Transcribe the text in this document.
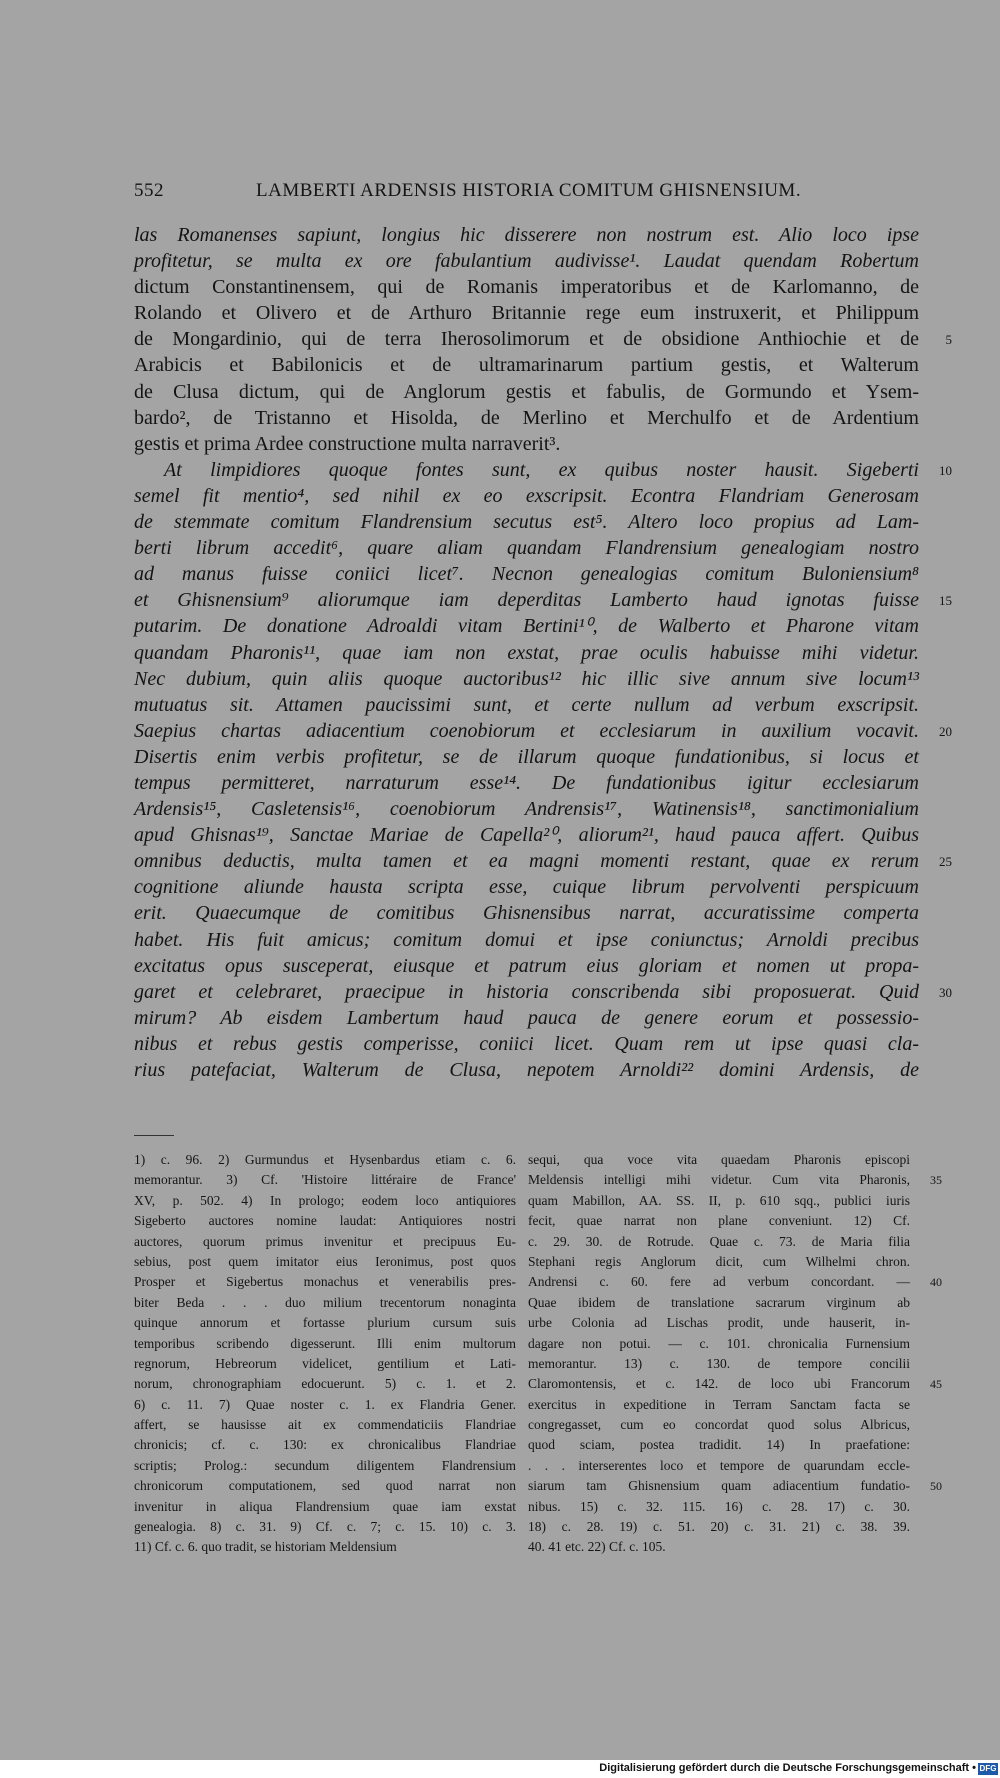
552	LAMBERTI ARDENSIS HISTORIA COMITUM GHISNENSIUM.
las Romanenses sapiunt, longius hic disserere non nostrum est. Alio loco ipse
profitetur, se multa ex ore fabulantium audivisse¹. Laudat quendam Robertum
dictum Constantinensem, qui de Romanis imperatoribus et de Karlomanno, de
Rolando et Olivero et de Arthuro Britannie rege eum instruxerit, et Philippum
de Mongardinio, qui de terra Iherosolimorum et de obsidione Anthiochie et de 5
Arabicis et Babilonicis et de ultramarinarum partium gestis, et Walterum
de Clusa dictum, qui de Anglorum gestis et fabulis, de Gormundo et Ysem-
bardo², de Tristanno et Hisolda, de Merlino et Merchulfo et de Ardentium
gestis et prima Ardee constructione multa narraverit³.
At limpidiores quoque fontes sunt, ex quibus noster hausit. Sigeberti 10
semel fit mentio⁴, sed nihil ex eo exscripsit. Econtra Flandriam Generosam
de stemmate comitum Flandrensium secutus est⁵. Altero loco propius ad Lam-
berti librum accedit⁶, quare aliam quandam Flandrensium genealogiam nostro
ad manus fuisse coniici licet⁷. Necnon genealogias comitum Buloniensium⁸
et Ghisnensium⁹ aliorumque iam deperditas Lamberto haud ignotas fuisse 15
putarim. De donatione Adroaldi vitam Bertini¹⁰, de Walberto et Pharone vitam
quandam Pharonis¹¹, quae iam non exstat, prae oculis habuisse mihi videtur.
Nec dubium, quin aliis quoque auctoribus¹² hic illic sive annum sive locum¹³
mutuatus sit. Attamen paucissimi sunt, et certe nullum ad verbum exscripsit.
Saepius chartas adiacentium coenobiorum et ecclesiarum in auxilium vocavit. 20
Disertis enim verbis profitetur, se de illarum quoque fundationibus, si locus et
tempus permitteret, narraturum esse¹⁴. De fundationibus igitur ecclesiarum
Ardensis¹⁵, Casletensis¹⁶, coenobiorum Andrensis¹⁷, Watinensis¹⁸, sanctimonialium
apud Ghisnas¹⁹, Sanctae Mariae de Capella²⁰, aliorum²¹, haud pauca affert. Quibus
omnibus deductis, multa tamen et ea magni momenti restant, quae ex rerum 25
cognitione aliunde hausta scripta esse, cuique librum pervolventi perspicuum
erit. Quaecumque de comitibus Ghisnensibus narrat, accuratissime comperta
habet. His fuit amicus; comitum domui et ipse coniunctus; Arnoldi precibus
excitatus opus susceperat, eiusque et patrum eius gloriam et nomen ut propa-
garet et celebraret, praecipue in historia conscribenda sibi proposuerat. Quid 30
mirum? Ab eisdem Lambertum haud pauca de genere eorum et possessio-
nibus et rebus gestis comperisse, coniici licet. Quam rem ut ipse quasi cla-
rius patefaciat, Walterum de Clusa, nepotem Arnoldi²² domini Ardensis, de
1) c. 96. 2) Gurmundus et Hysenbardus etiam c. 6.
memorantur. 3) Cf. 'Histoire littéraire de France'
XV, p. 502. 4) In prologo; eodem loco antiquiores
Sigeberto auctores nomine laudat: Antiquiores nostri
auctores, quorum primus invenitur et precipuus Eu-
sebius, post quem imitator eius Ieronimus, post quos
Prosper et Sigebertus monachus et venerabilis pres-
biter Beda . . . duo milium trecentorum nonaginta
quinque annorum et fortasse plurium cursum suis
temporibus scribendo digesserunt. Illi enim multorum
regnorum, Hebreorum videlicet, gentilium et Lati-
norum, chronographiam edocuerunt. 5) c. 1. et 2.
6) c. 11. 7) Quae noster c. 1. ex Flandria Gener.
affert, se hausisse ait ex commendaticiis Flandriae
chronicis; cf. c. 130: ex chronicalibus Flandriae
scriptis; Prolog.: secundum diligentem Flandrensium
chronicorum computationem, sed quod narrat non
invenitur in aliqua Flandrensium quae iam exstat
genealogia. 8) c. 31. 9) Cf. c. 7; c. 15. 10) c. 3.
11) Cf. c. 6. quo tradit, se historiam Meldensium
sequi, qua voce vita quaedam Pharonis episcopi
Meldensis intelligi mihi videtur. Cum vita Pharonis, 35
quam Mabillon, AA. SS. II, p. 610 sqq., publici iuris
fecit, quae narrat non plane conveniunt. 12) Cf.
c. 29. 30. de Rotrude. Quae c. 73. de Maria filia
Stephani regis Anglorum dicit, cum Wilhelmi chron.
Andrensi c. 60. fere ad verbum concordant. — 40
Quae ibidem de translatione sacrarum virginum ab
urbe Colonia ad Lischas prodit, unde hauserit, in-
dagare non potui. — c. 101. chronicalia Furnensium
memorantur. 13) c. 130. de tempore concilii
Claromontensis, et c. 142. de loco ubi Francorum 45
exercitus in expeditione in Terram Sanctam facta se
congregasset, cum eo concordat quod solus Albricus,
quod sciam, postea tradidit. 14) In praefatione:
. . . interserentes loco et tempore de quarundam eccle-
siarum tam Ghisnensium quam adiacentium fundatio- 50
nibus. 15) c. 32. 115. 16) c. 28. 17) c. 30.
18) c. 28. 19) c. 51. 20) c. 31. 21) c. 38. 39.
40. 41 etc. 22) Cf. c. 105.
Digitalisierung gefördert durch die Deutsche Forschungsgemeinschaft • DFG
